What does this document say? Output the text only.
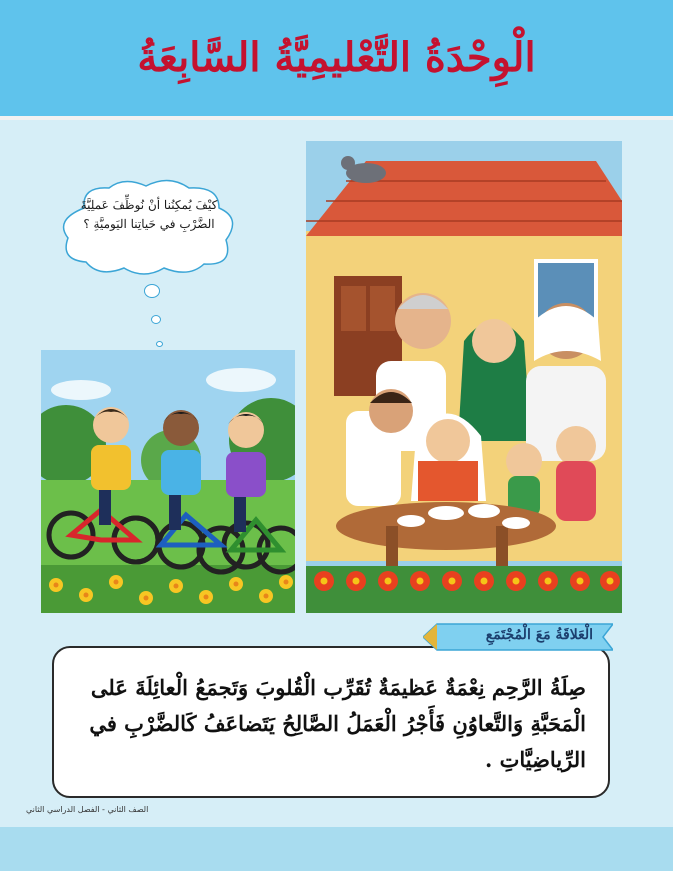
الْوِحْدَةُ التَّعْليمِيَّةُ السَّابِعَةُ
كيْفَ يُمكِنُنا أنْ نُوظِّفَ عَملِيَّةَ الضَّرْبِ في حَياتِنا اليَوميَّةِ ؟
صِلَةُ الرَّحِم نِعْمَةٌ عَظيمَةٌ تُقَرِّب الْقُلوبَ وَتَجمَعُ الْعائِلَةَ عَلى الْمَحَبَّةِ وَالتَّعاوُنِ فَأَجْرُ الْعَمَلُ الصَّالِحُ يَتَضاعَفُ كَالضَّرْبِ في الرِّياضِيَّاتِ .
الْعَلاقَةُ مَعَ الْمُجْتَمَعِ
الصف الثاني - الفصل الدراسي الثاني
